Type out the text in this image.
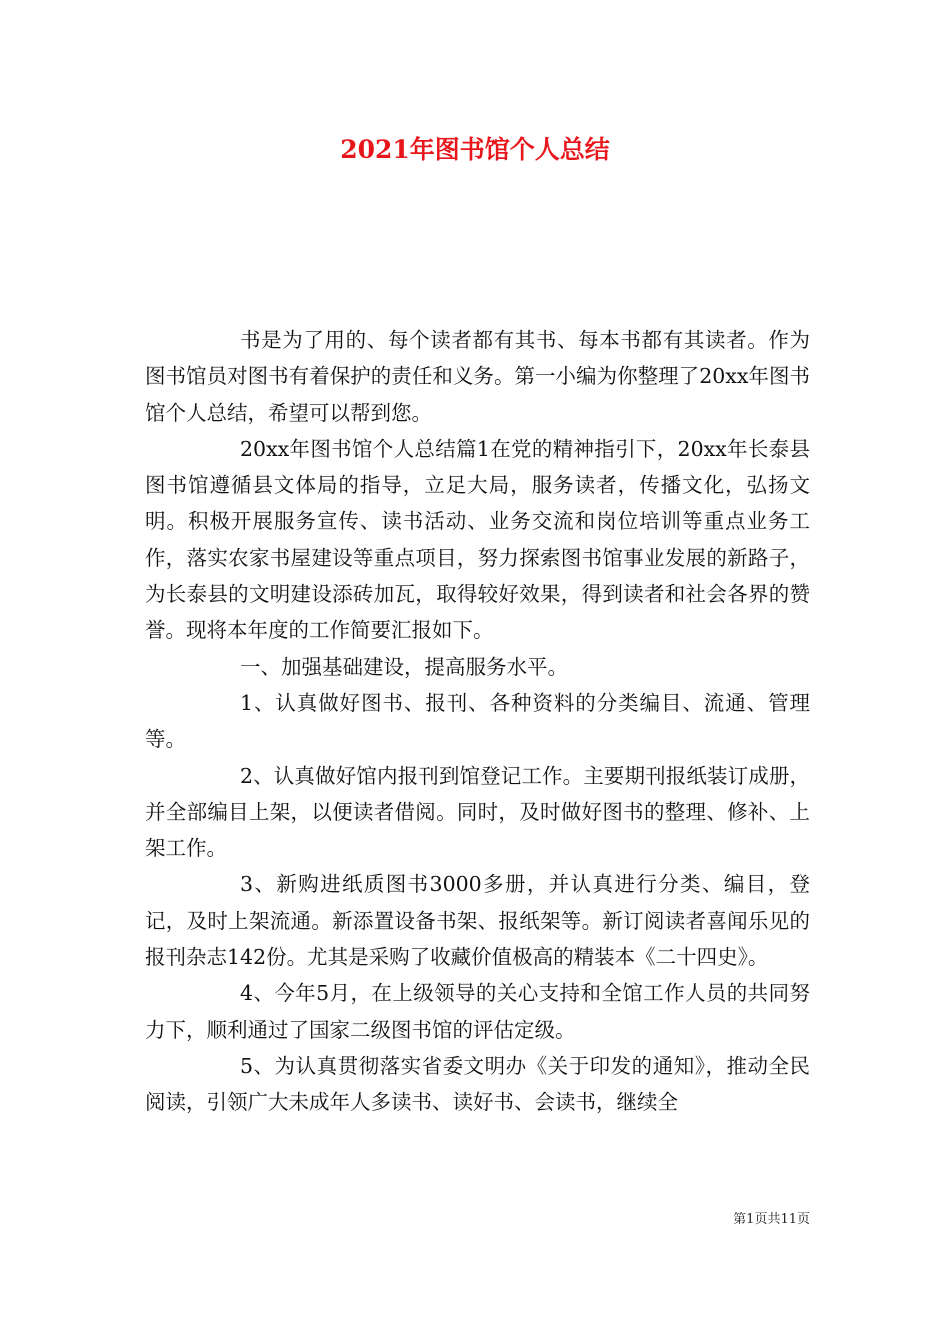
2021年图书馆个人总结

书是为了用的、每个读者都有其书、每本书都有其读者。作为图书馆员对图书有着保护的责任和义务。第一小编为你整理了20xx年图书馆个人总结，希望可以帮到您。

20xx年图书馆个人总结篇1在党的精神指引下，20xx年长泰县图书馆遵循县文体局的指导，立足大局，服务读者，传播文化，弘扬文明。积极开展服务宣传、读书活动、业务交流和岗位培训等重点业务工作，落实农家书屋建设等重点项目，努力探索图书馆事业发展的新路子，为长泰县的文明建设添砖加瓦，取得较好效果，得到读者和社会各界的赞誉。现将本年度的工作简要汇报如下。

一、加强基础建设，提高服务水平。

1、认真做好图书、报刊、各种资料的分类编目、流通、管理等。

2、认真做好馆内报刊到馆登记工作。主要期刊报纸装订成册，并全部编目上架，以便读者借阅。同时，及时做好图书的整理、修补、上架工作。

3、新购进纸质图书3000多册，并认真进行分类、编目，登记，及时上架流通。新添置设备书架、报纸架等。新订阅读者喜闻乐见的报刊杂志142份。尤其是采购了收藏价值极高的精装本《二十四史》。

4、今年5月，在上级领导的关心支持和全馆工作人员的共同努力下，顺利通过了国家二级图书馆的评估定级。

5、为认真贯彻落实省委文明办《关于印发的通知》，推动全民阅读，引领广大未成年人多读书、读好书、会读书，继续全

第1页共11页
